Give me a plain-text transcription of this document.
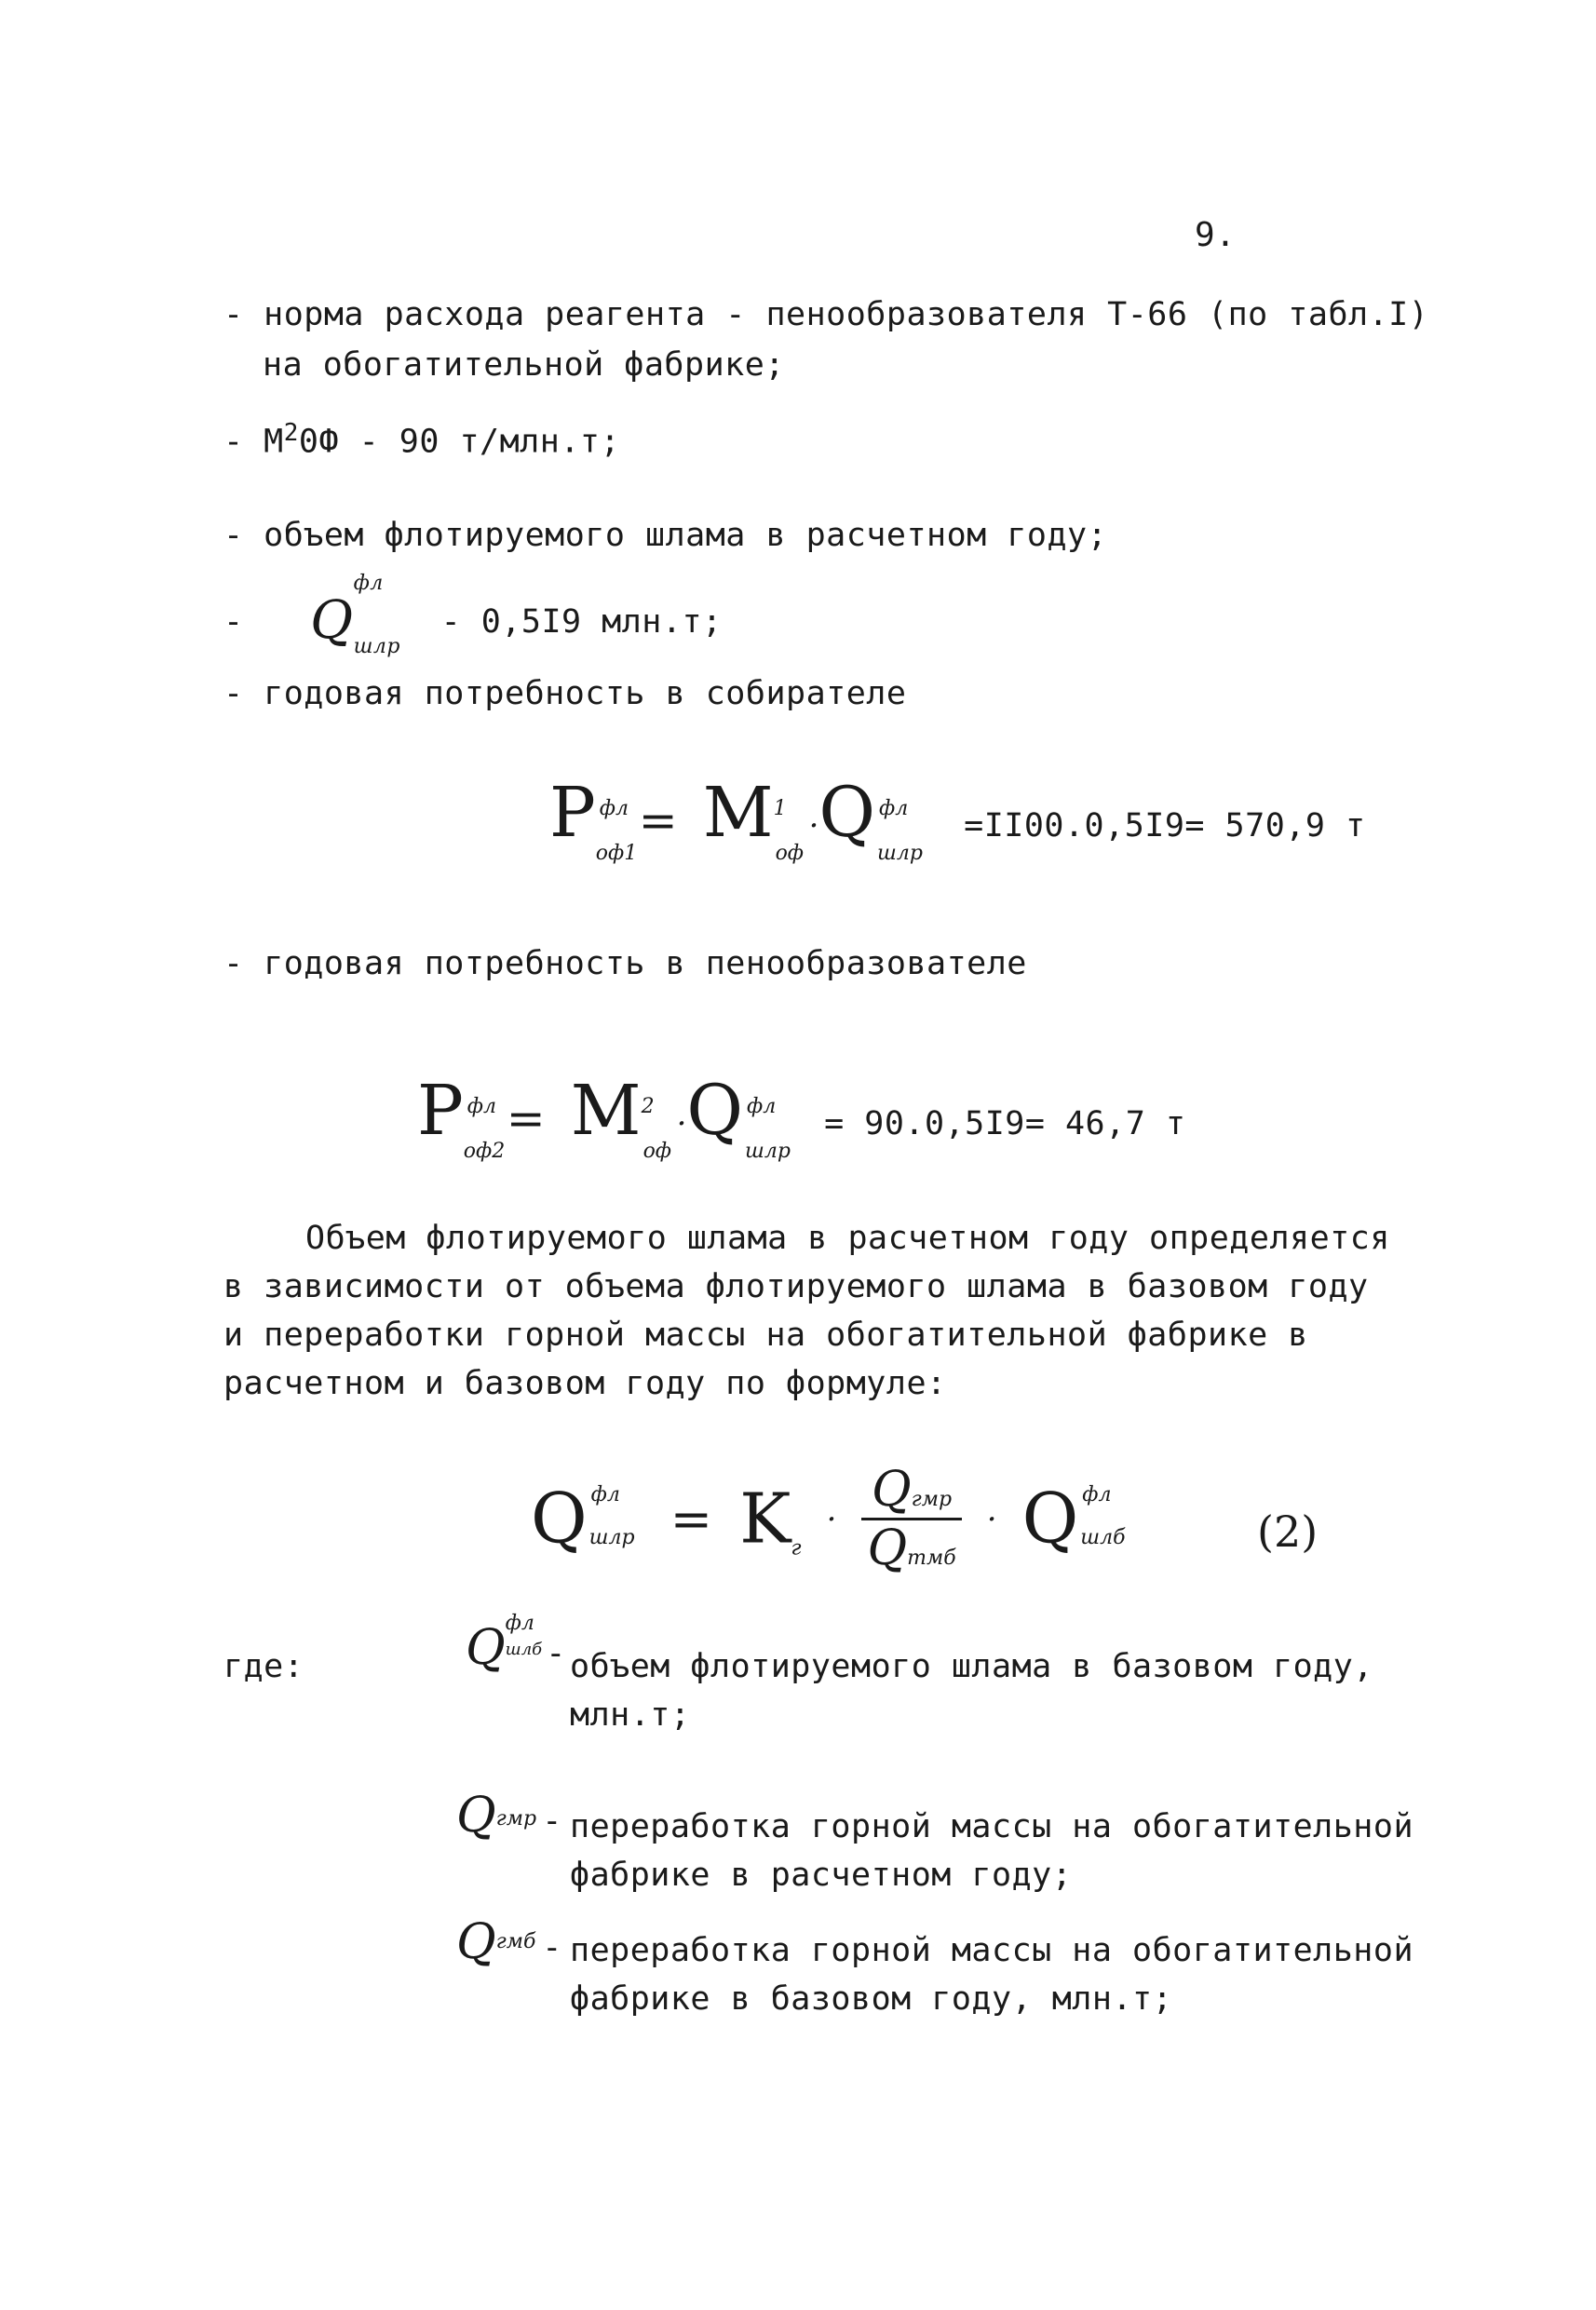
9.
- норма расхода реагента - пенообразователя Т-66 (по табл.I)
на обогатительной фабрике;
- $М^20Ф - 90$ т/млн.т;
- объем флотируемого шлама в расчетном году;
- Q
фл
$_{шлр}$ - 0,5I9 млн.т;
- годовая потребность в собирателе
P фл
оф1
= M 1
оф
·Q фл
шлр
=II00.0,5I9= 570,9 т
- годовая потребность в пенообразователе
P фл
оф2
= M 2
оф
·Q фл
шлр
= 90.0,5I9= 46,7 т
Объем флотируемого шлама в расчетном году определяется
в зависимости от объема флотируемого шлама в базовом году
и переработки горной массы на обогатительной фабрике в
расчетном и базовом году по формуле:
Q фл
шлр = $K_г \cdot \frac{\text{Qгмр}}{\text{Qтмб}} \cdot Q$ фл
шлб	(2)
где:	Q фл
шлб - объем флотируемого шлама в базовом году,
млн.т;
Q гмр - переработка горной массы на обогатительной
фабрике в расчетном году;
Q гмб - переработка горной массы на обогатительной
фабрике в базовом году, млн.т;
